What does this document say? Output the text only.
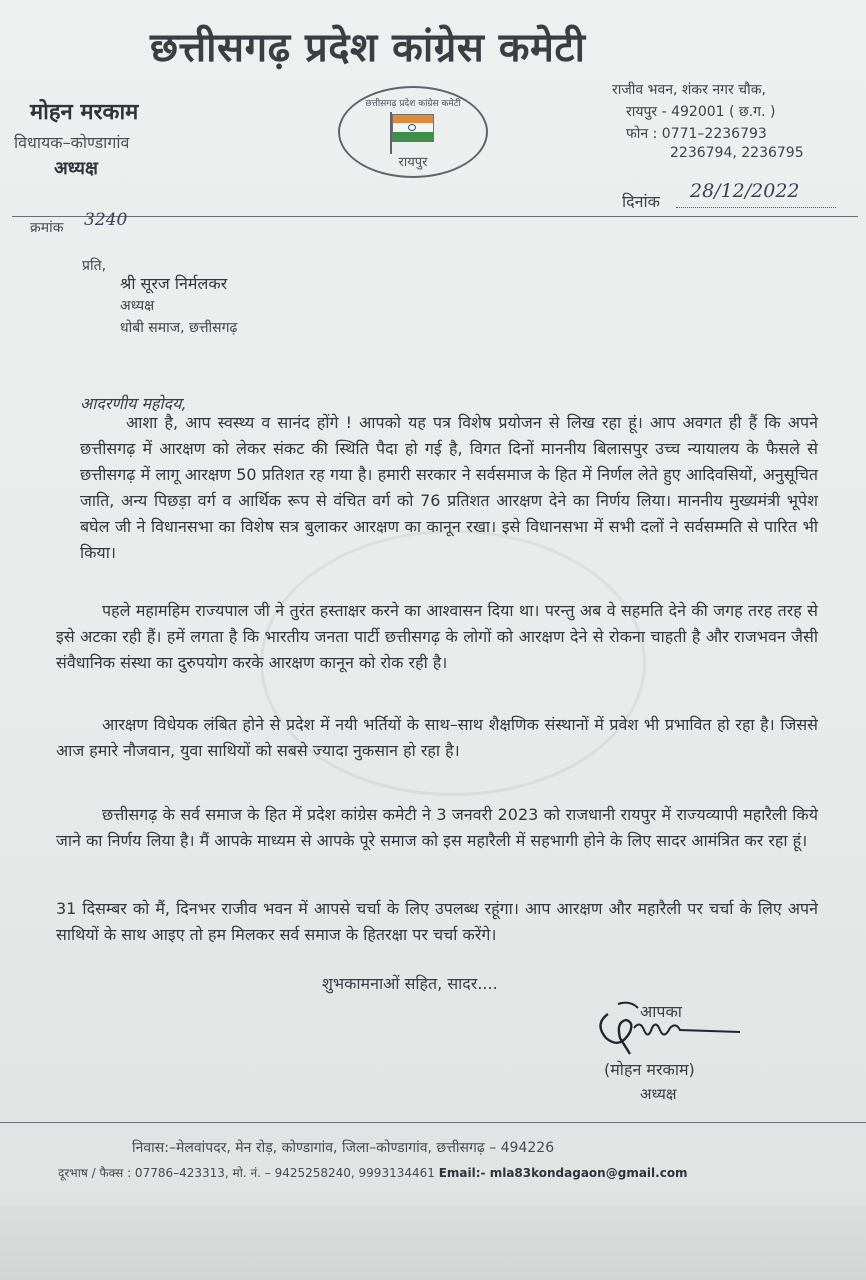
छत्तीसगढ़ प्रदेश कांग्रेस कमेटी
मोहन मरकाम
विधायक–कोण्डागांव
अध्यक्ष
छत्तीसगढ़ प्रदेश कांग्रेस कमेटी
रायपुर
राजीव भवन, शंकर नगर चौक,
रायपुर - 492001 ( छ.ग. )
फोन : 0771–2236793
2236794, 2236795
दिनांक 28/12/2022
क्रमांक 3240
प्रति,
श्री सूरज निर्मलकर
अध्यक्ष
धोबी समाज, छत्तीसगढ़
आदरणीय महोदय,

आशा है, आप स्वस्थ्य व सानंद होंगे ! आपको यह पत्र विशेष प्रयोजन से लिख रहा हूं। आप अवगत ही हैं कि अपने छत्तीसगढ़ में आरक्षण को लेकर संकट की स्थिति पैदा हो गई है, विगत दिनों माननीय बिलासपुर उच्च न्यायालय के फैसले से छत्तीसगढ़ में लागू आरक्षण 50 प्रतिशत रह गया है। हमारी सरकार ने सर्वसमाज के हित में निर्णल लेते हुए आदिवसियों, अनुसूचित जाति, अन्य पिछड़ा वर्ग व आर्थिक रूप से वंचित वर्ग को 76 प्रतिशत आरक्षण देने का निर्णय लिया। माननीय मुख्यमंत्री भूपेश बघेल जी ने विधानसभा का विशेष सत्र बुलाकर आरक्षण का कानून रखा। इसे विधानसभा में सभी दलों ने सर्वसम्मति से पारित भी किया।

पहले महामहिम राज्यपाल जी ने तुरंत हस्ताक्षर करने का आश्वासन दिया था। परन्तु अब वे सहमति देने की जगह तरह तरह से इसे अटका रही हैं। हमें लगता है कि भारतीय जनता पार्टी छत्तीसगढ़ के लोगों को आरक्षण देने से रोकना चाहती है और राजभवन जैसी संवैधानिक संस्था का दुरुपयोग करके आरक्षण कानून को रोक रही है।

आरक्षण विधेयक लंबित होने से प्रदेश में नयी भर्तियों के साथ–साथ शैक्षणिक संस्थानों में प्रवेश भी प्रभावित हो रहा है। जिससे आज हमारे नौजवान, युवा साथियों को सबसे ज्यादा नुकसान हो रहा है।

छत्तीसगढ़ के सर्व समाज के हित में प्रदेश कांग्रेस कमेटी ने 3 जनवरी 2023 को राजधानी रायपुर में राज्यव्यापी महारैली किये जाने का निर्णय लिया है। मैं आपके माध्यम से आपके पूरे समाज को इस महारैली में सहभागी होने के लिए सादर आमंत्रित कर रहा हूं।

31 दिसम्बर को मैं, दिनभर राजीव भवन में आपसे चर्चा के लिए उपलब्ध रहूंगा। आप आरक्षण और महारैली पर चर्चा के लिए अपने साथियों के साथ आइए तो हम मिलकर सर्व समाज के हितरक्षा पर चर्चा करेंगे।

शुभकामनाओं सहित, सादर....
आपका
(मोहन मरकाम)
अध्यक्ष
निवास:–मेलवांपदर, मेन रोड़, कोण्डागांव, जिला–कोण्डागांव, छत्तीसगढ़ – 494226
दूरभाष / फैक्स : 07786–423313, मो. नं. – 9425258240, 9993134461 Email:- mla83kondagaon@gmail.com
